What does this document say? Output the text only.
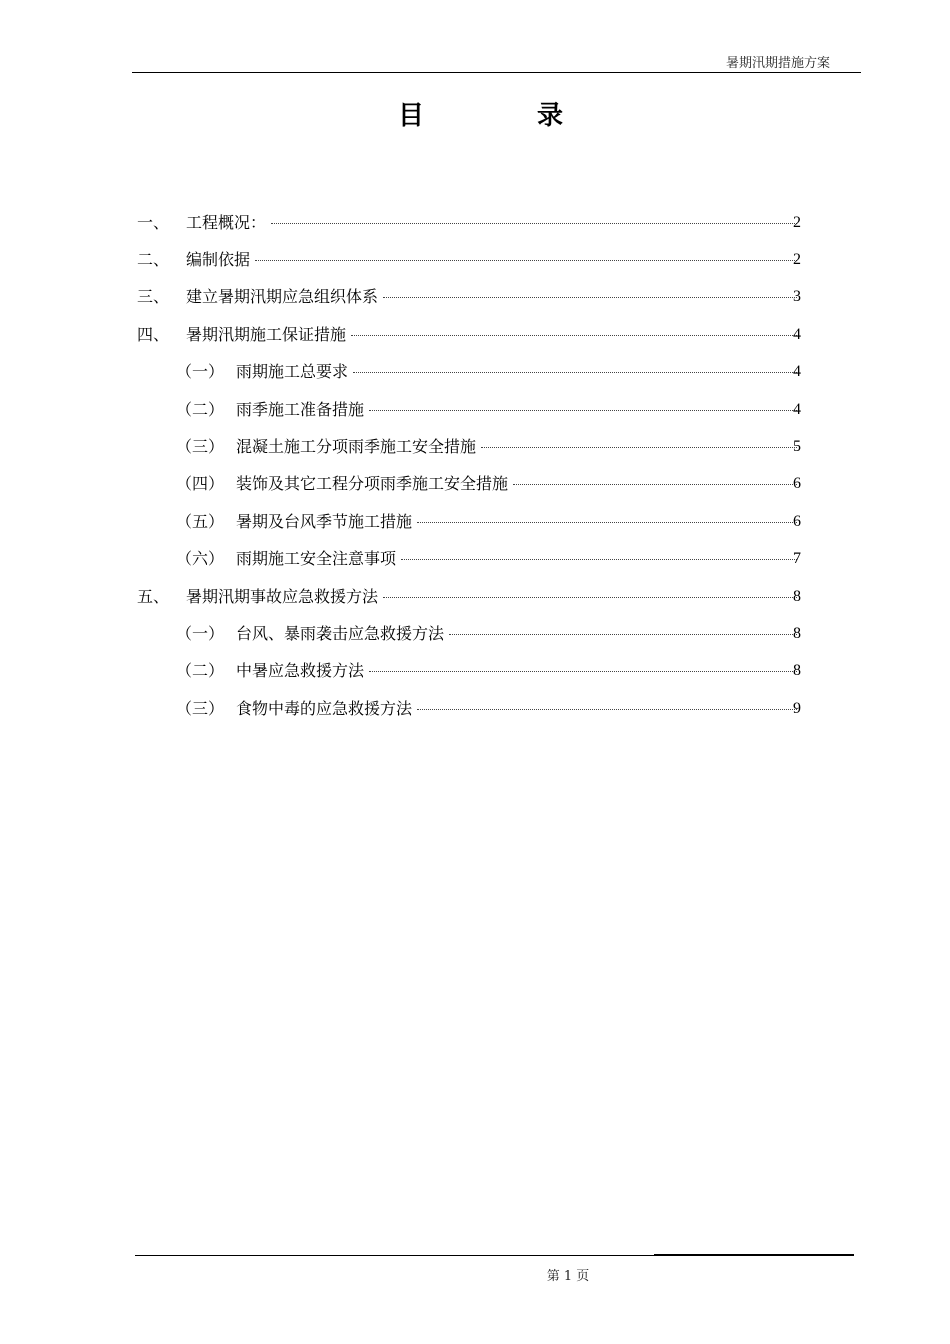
暑期汛期措施方案
目 录
一、 工程概况：	2
二、 编制依据	2
三、 建立暑期汛期应急组织体系	3
四、 暑期汛期施工保证措施	4
（一） 雨期施工总要求	4
（二） 雨季施工准备措施	4
（三） 混凝土施工分项雨季施工安全措施	5
（四） 装饰及其它工程分项雨季施工安全措施	6
（五） 暑期及台风季节施工措施	6
（六） 雨期施工安全注意事项	7
五、 暑期汛期事故应急救援方法	8
（一） 台风、暴雨袭击应急救援方法	8
（二） 中暑应急救援方法	8
（三） 食物中毒的应急救援方法	9
第 1 页
